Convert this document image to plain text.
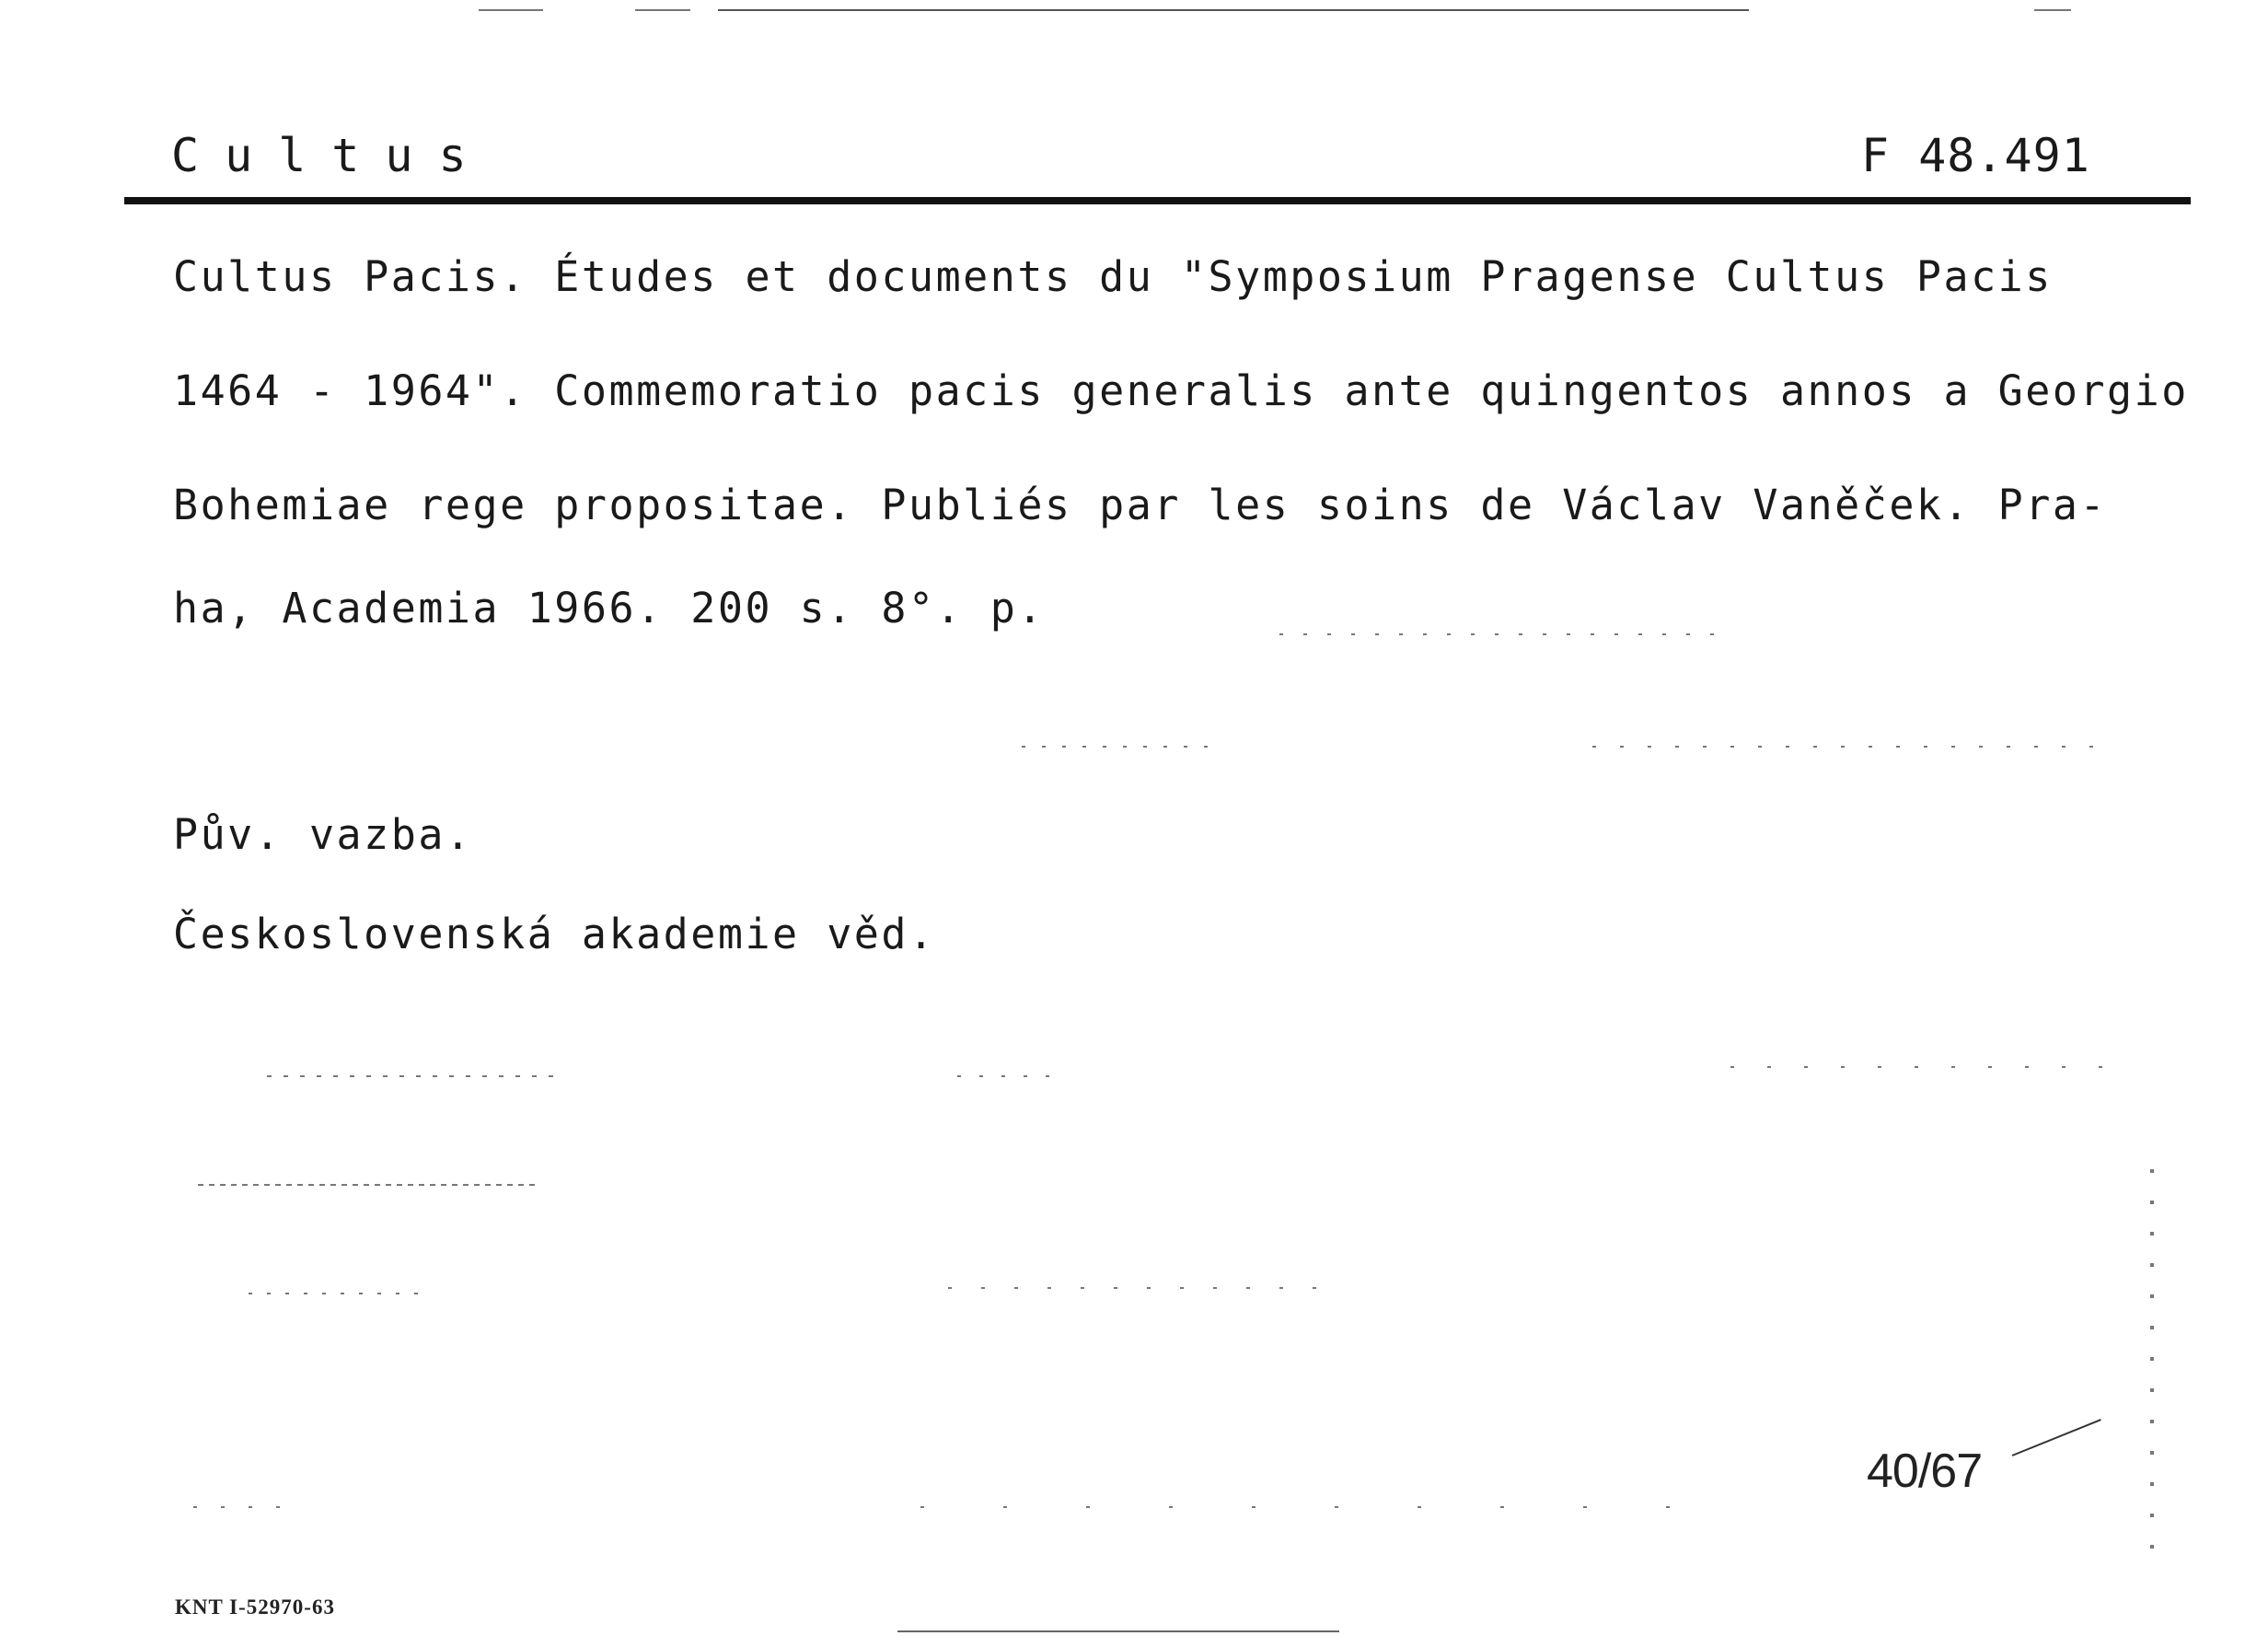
Cultus	F 48.491
Cultus Pacis. Études et documents du "Symposium Pragense Cultus Pacis
1464 - 1964". Commemoratio pacis generalis ante quingentos annos a Georgio
Bohemiae rege propositae. Publiés par les soins de Václav Vaněček. Pra-
ha, Academia 1966. 200 s. 8°. p.
Pův. vazba.
Československá akademie věd.
40/67
KNT I-52970-63
